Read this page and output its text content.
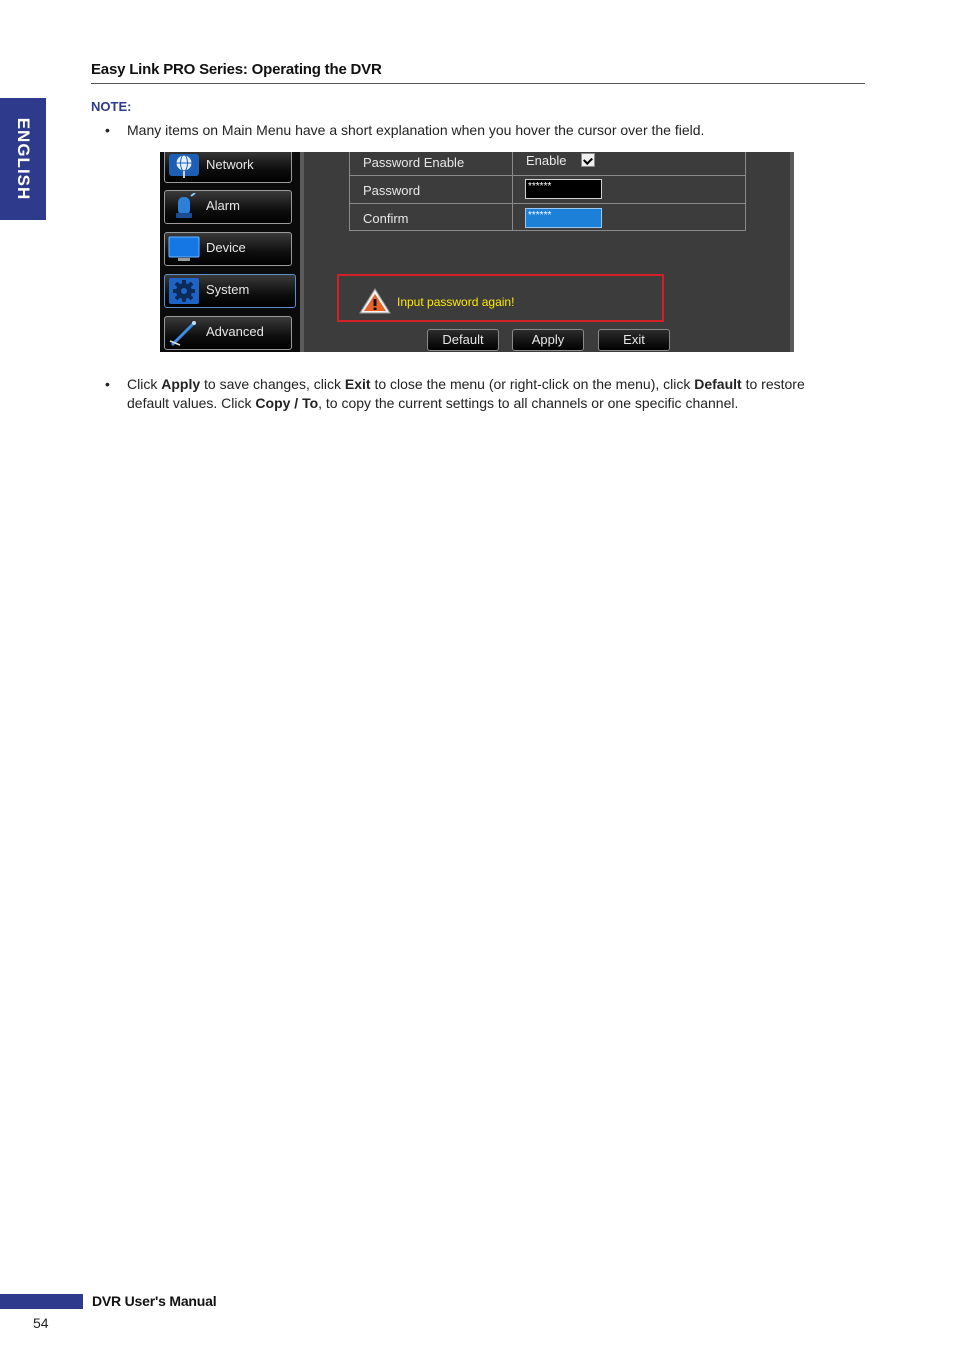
Easy Link PRO Series: Operating the DVR
ENGLISH
NOTE:
• Many items on Main Menu have a short explanation when you hover the cursor over the field.
Network
Alarm
Device
System
Advanced
Password Enable	Enable
Password	******
Confirm	******
Input password again!
Default	Apply	Exit
• Click Apply to save changes, click Exit to close the menu (or right-click on the menu), click Default to restore default values. Click Copy / To, to copy the current settings to all channels or one specific channel.
DVR User's Manual
54
